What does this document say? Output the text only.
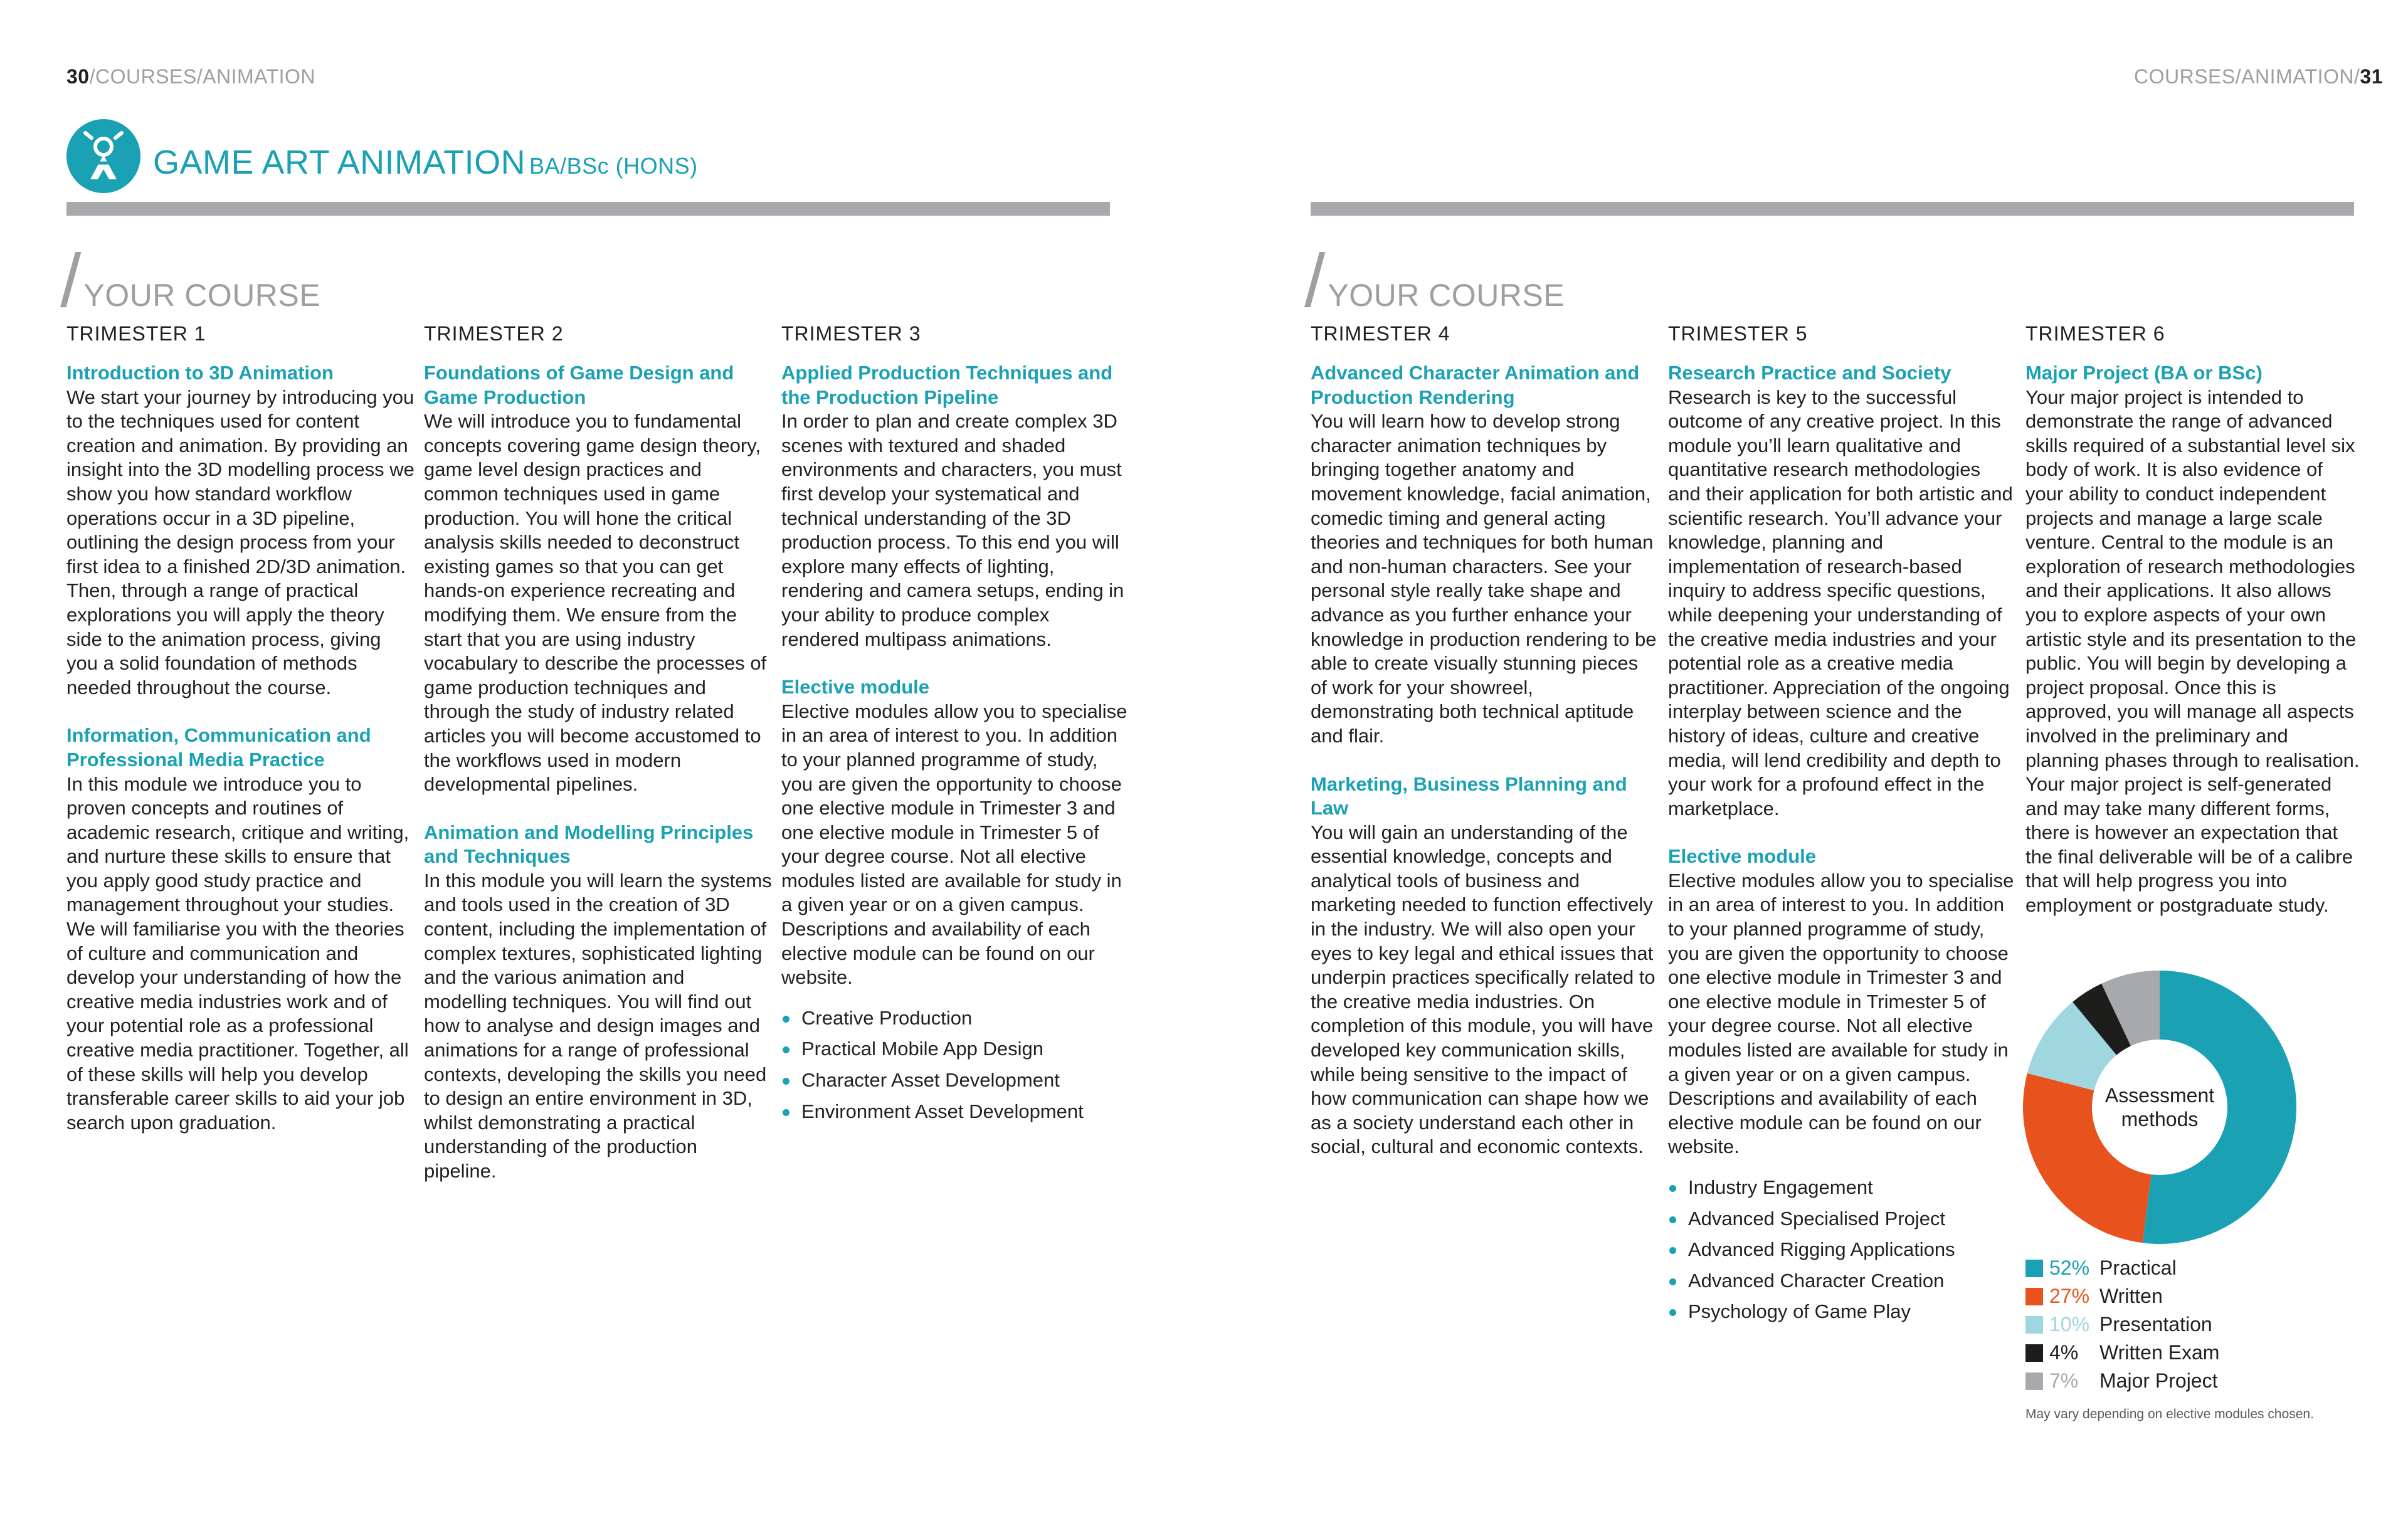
30/COURSES/ANIMATION	COURSES/ANIMATION/31
GAME ART ANIMATION BA/BSc (HONS)
/YOUR COURSE	/YOUR COURSE
TRIMESTER 1

Introduction to 3D Animation
We start your journey by introducing you to the techniques used for content creation and animation. By providing an insight into the 3D modelling process we show you how standard workflow operations occur in a 3D pipeline, outlining the design process from your first idea to a finished 2D/3D animation. Then, through a range of practical explorations you will apply the theory side to the animation process, giving you a solid foundation of methods needed throughout the course.

Information, Communication and Professional Media Practice
In this module we introduce you to proven concepts and routines of academic research, critique and writing, and nurture these skills to ensure that you apply good study practice and management throughout your studies. We will familiarise you with the theories of culture and communication and develop your understanding of how the creative media industries work and of your potential role as a professional creative media practitioner. Together, all of these skills will help you develop transferable career skills to aid your job search upon graduation.

TRIMESTER 2

Foundations of Game Design and Game Production
We will introduce you to fundamental concepts covering game design theory, game level design practices and common techniques used in game production. You will hone the critical analysis skills needed to deconstruct existing games so that you can get hands-on experience recreating and modifying them. We ensure from the start that you are using industry vocabulary to describe the processes of game production techniques and through the study of industry related articles you will become accustomed to the workflows used in modern developmental pipelines.

Animation and Modelling Principles and Techniques
In this module you will learn the systems and tools used in the creation of 3D content, including the implementation of complex textures, sophisticated lighting and the various animation and modelling techniques. You will find out how to analyse and design images and animations for a range of professional contexts, developing the skills you need to design an entire environment in 3D, whilst demonstrating a practical understanding of the production pipeline.

TRIMESTER 3

Applied Production Techniques and the Production Pipeline
In order to plan and create complex 3D scenes with textured and shaded environments and characters, you must first develop your systematical and technical understanding of the 3D production process. To this end you will explore many effects of lighting, rendering and camera setups, ending in your ability to produce complex rendered multipass animations.

Elective module
Elective modules allow you to specialise in an area of interest to you. In addition to your planned programme of study, you are given the opportunity to choose one elective module in Trimester 3 and one elective module in Trimester 5 of your degree course. Not all elective modules listed are available for study in a given year or on a given campus. Descriptions and availability of each elective module can be found on our website.

Creative Production
Practical Mobile App Design
Character Asset Development
Environment Asset Development
TRIMESTER 4

Advanced Character Animation and Production Rendering
You will learn how to develop strong character animation techniques by bringing together anatomy and movement knowledge, facial animation, comedic timing and general acting theories and techniques for both human and non-human characters. See your personal style really take shape and advance as you further enhance your knowledge in production rendering to be able to create visually stunning pieces of work for your showreel, demonstrating both technical aptitude and flair.

Marketing, Business Planning and Law
You will gain an understanding of the essential knowledge, concepts and analytical tools of business and marketing needed to function effectively in the industry. We will also open your eyes to key legal and ethical issues that underpin practices specifically related to the creative media industries. On completion of this module, you will have developed key communication skills, while being sensitive to the impact of how communication can shape how we as a society understand each other in social, cultural and economic contexts.

TRIMESTER 5

Research Practice and Society
Research is key to the successful outcome of any creative project. In this module you’ll learn qualitative and quantitative research methodologies and their application for both artistic and scientific research. You’ll advance your knowledge, planning and implementation of research-based inquiry to address specific questions, while deepening your understanding of the creative media industries and your potential role as a creative media practitioner. Appreciation of the ongoing interplay between science and the history of ideas, culture and creative media, will lend credibility and depth to your work for a profound effect in the marketplace.

Elective module
Elective modules allow you to specialise in an area of interest to you. In addition to your planned programme of study, you are given the opportunity to choose one elective module in Trimester 3 and one elective module in Trimester 5 of your degree course. Not all elective modules listed are available for study in a given year or on a given campus. Descriptions and availability of each elective module can be found on our website.

Industry Engagement
Advanced Specialised Project
Advanced Rigging Applications
Advanced Character Creation
Psychology of Game Play
TRIMESTER 6

Major Project (BA or BSc)
Your major project is intended to demonstrate the range of advanced skills required of a substantial level six body of work. It is also evidence of your ability to conduct independent projects and manage a large scale venture. Central to the module is an exploration of research methodologies and their applications. It also allows you to explore aspects of your own artistic style and its presentation to the public. You will begin by developing a project proposal. Once this is approved, you will manage all aspects involved in the preliminary and planning phases through to realisation. Your major project is self-generated and may take many different forms, there is however an expectation that the final deliverable will be of a calibre that will help progress you into employment or postgraduate study.

Assessment
methods
52% Practical
27% Written
10% Presentation
4%	Written Exam
7%	Major Project
May vary depending on elective modules chosen.
